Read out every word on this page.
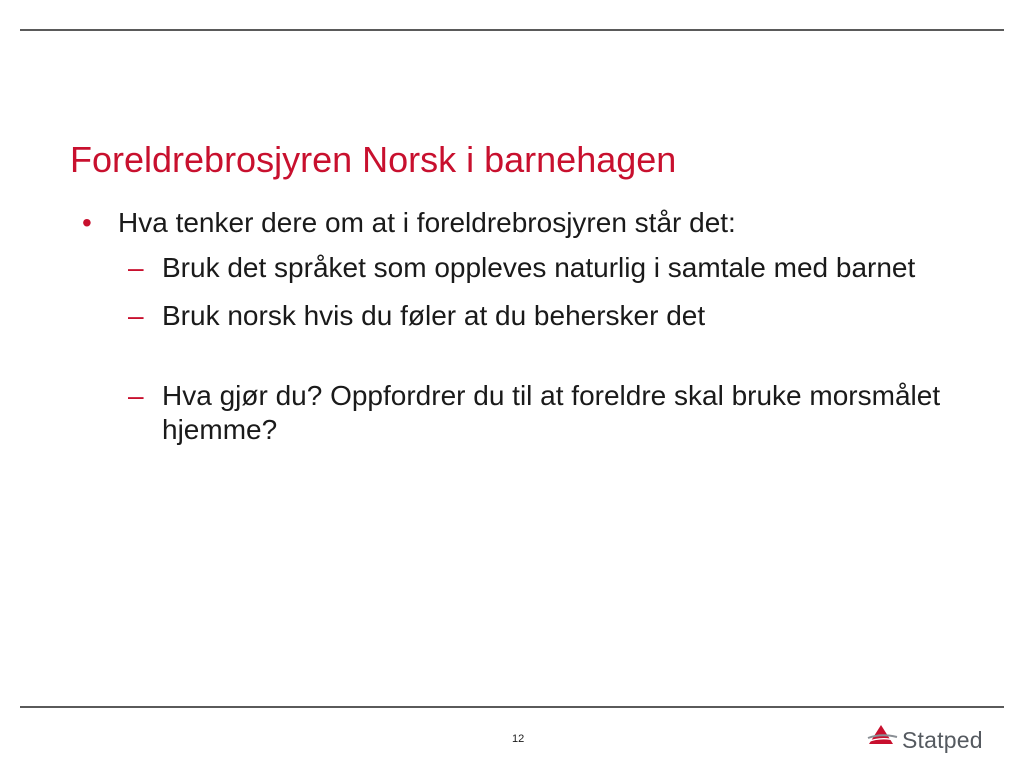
Foreldrebrosjyren Norsk i barnehagen
• Hva tenker dere om at i foreldrebrosjyren står det:
– Bruk det språket som oppleves naturlig i samtale med barnet
– Bruk norsk hvis du føler at du behersker det
– Hva gjør du? Oppfordrer du til at foreldre skal bruke morsmålet hjemme?
12	Statped
